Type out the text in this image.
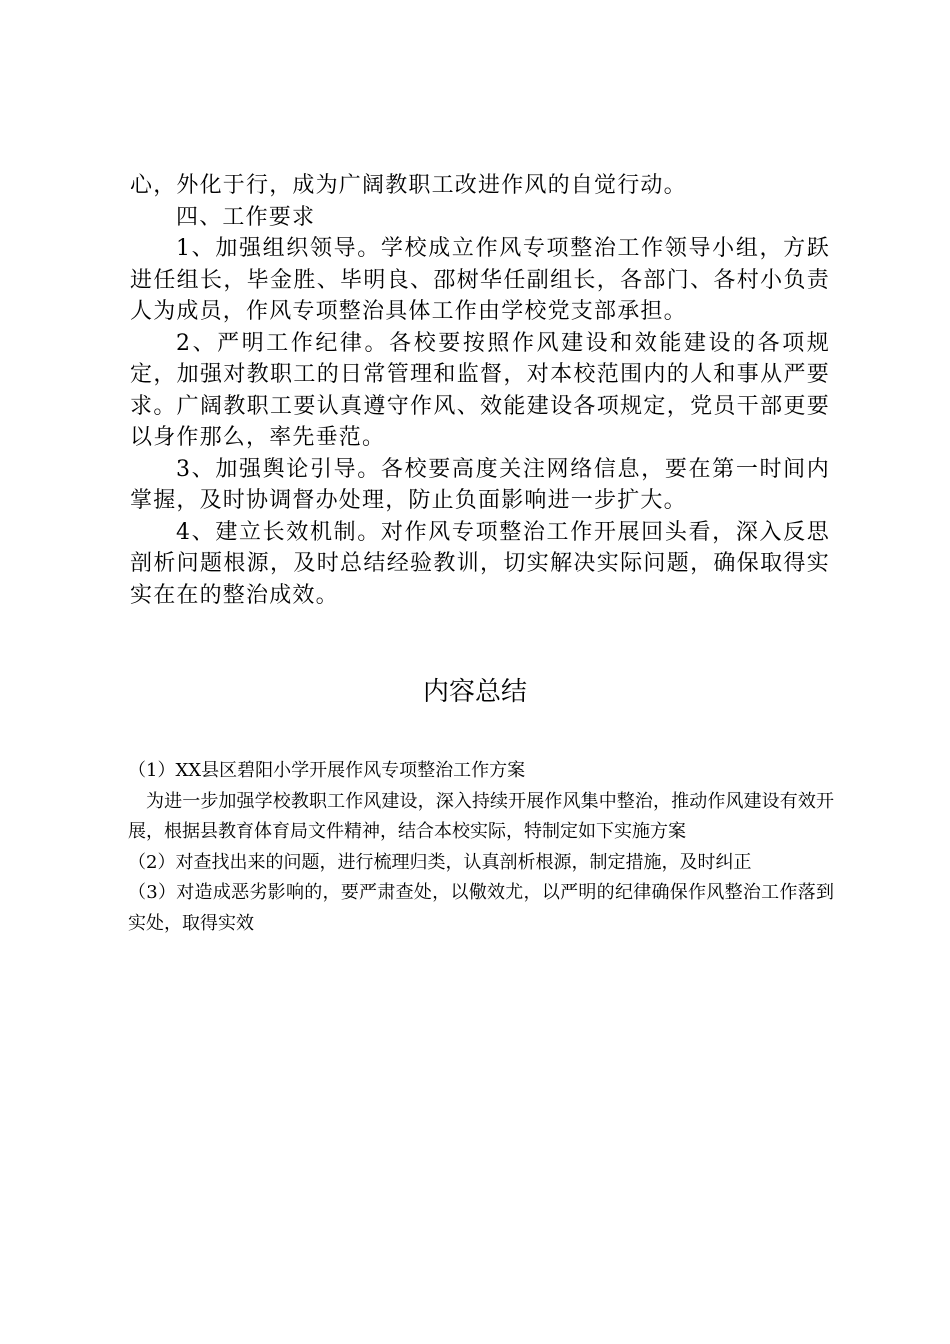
心，外化于行，成为广阔教职工改进作风的自觉行动。

四、工作要求

1、加强组织领导。学校成立作风专项整治工作领导小组，方跃进任组长，毕金胜、毕明良、邵树华任副组长，各部门、各村小负责人为成员，作风专项整治具体工作由学校党支部承担。

2、严明工作纪律。各校要按照作风建设和效能建设的各项规定，加强对教职工的日常管理和监督，对本校范围内的人和事从严要求。广阔教职工要认真遵守作风、效能建设各项规定，党员干部更要以身作那么，率先垂范。

3、加强舆论引导。各校要高度关注网络信息，要在第一时间内掌握，及时协调督办处理，防止负面影响进一步扩大。

4、建立长效机制。对作风专项整治工作开展回头看，深入反思剖析问题根源，及时总结经验教训，切实解决实际问题，确保取得实实在在的整治成效。

内容总结

（1）XX县区碧阳小学开展作风专项整治工作方案

为进一步加强学校教职工作风建设，深入持续开展作风集中整治，推动作风建设有效开展，根据县教育体育局文件精神，结合本校实际，特制定如下实施方案

（2）对查找出来的问题，进行梳理归类，认真剖析根源，制定措施，及时纠正

（3）对造成恶劣影响的，要严肃查处，以儆效尤，以严明的纪律确保作风整治工作落到实处，取得实效
